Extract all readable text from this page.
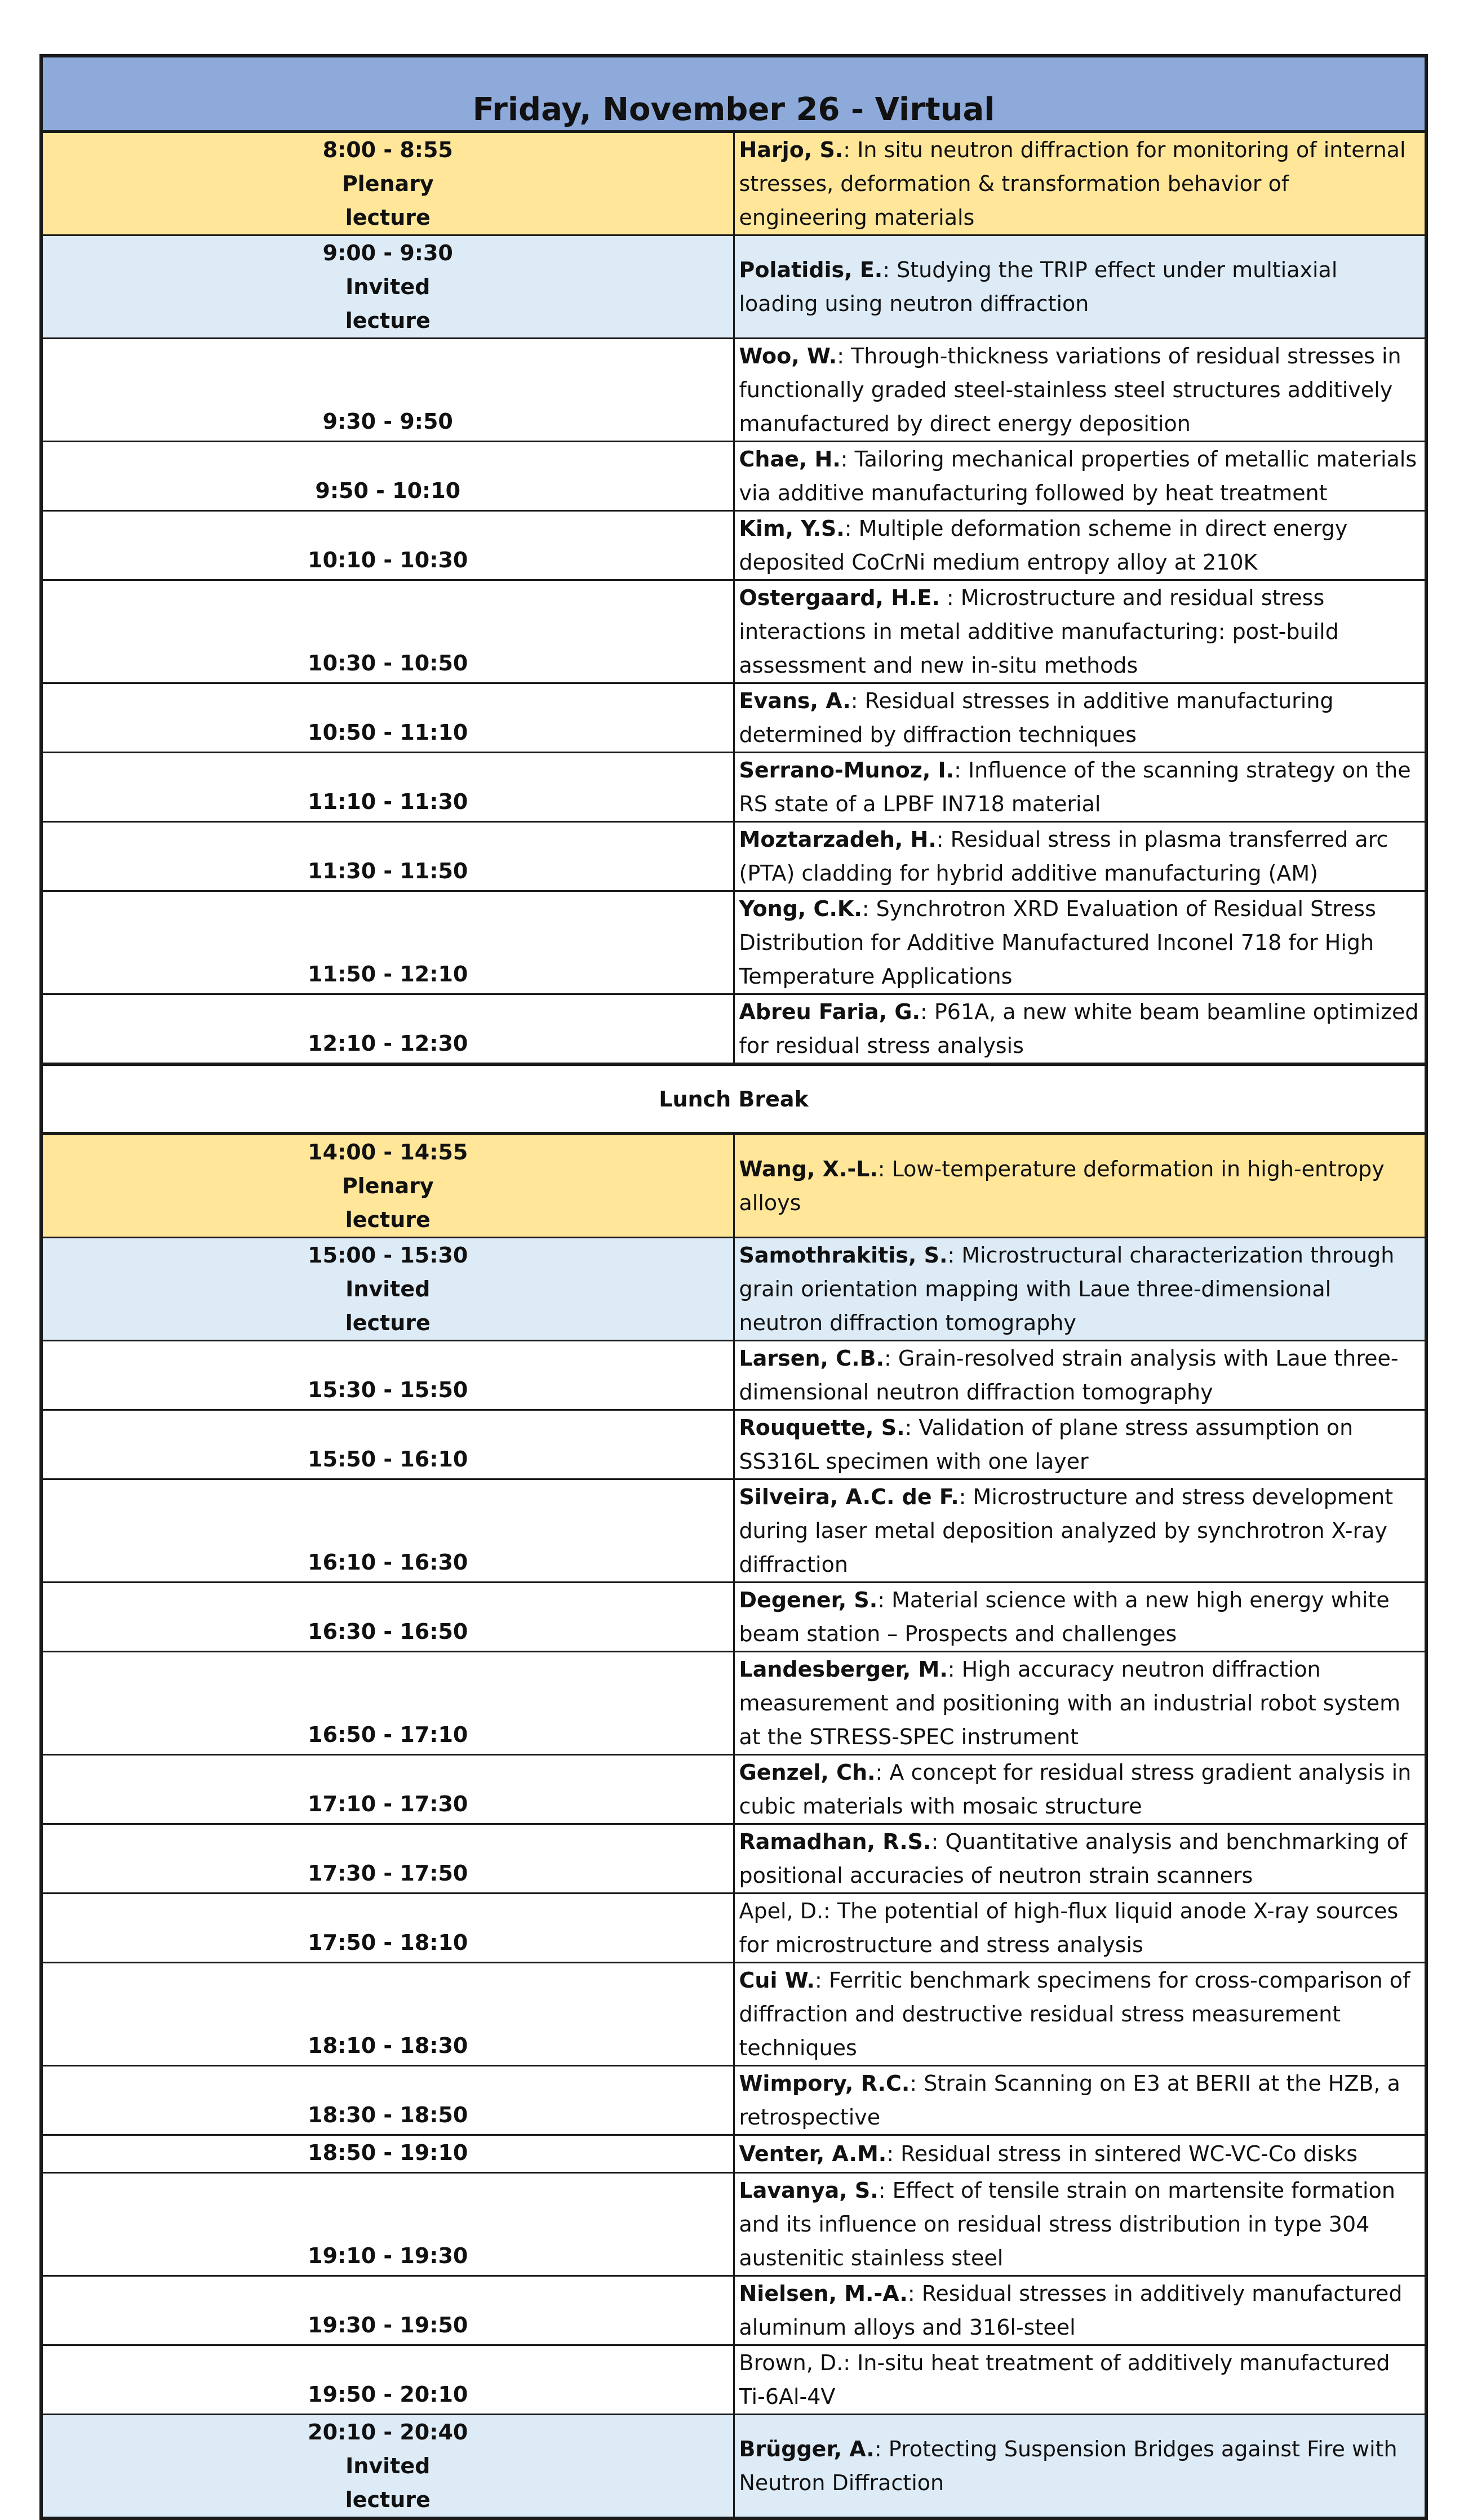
Friday, November 26 - Virtual	

8:00 - 8:55
Plenary
lecture	Harjo, S.: In situ neutron diffraction for monitoring of internal stresses, deformation & transformation behavior of engineering materials

9:00 - 9:30
Invited
lecture	Polatidis, E.: Studying the TRIP effect under multiaxial loading using neutron diffraction

9:30 - 9:50	Woo, W.: Through-thickness variations of residual stresses in functionally graded steel-stainless steel structures additively manufactured by direct energy deposition

9:50 - 10:10	Chae, H.: Tailoring mechanical properties of metallic materials via additive manufacturing followed by heat treatment

10:10 - 10:30	Kim, Y.S.: Multiple deformation scheme in direct energy deposited CoCrNi medium entropy alloy at 210K

10:30 - 10:50	Ostergaard, H.E. : Microstructure and residual stress interactions in metal additive manufacturing: post-build assessment and new in-situ methods

10:50 - 11:10	Evans, A.: Residual stresses in additive manufacturing determined by diffraction techniques

11:10 - 11:30	Serrano-Munoz, I.: Influence of the scanning strategy on the RS state of a LPBF IN718 material

11:30 - 11:50	Moztarzadeh, H.: Residual stress in plasma transferred arc (PTA) cladding for hybrid additive manufacturing (AM)

11:50 - 12:10	Yong, C.K.: Synchrotron XRD Evaluation of Residual Stress Distribution for Additive Manufactured Inconel 718 for High Temperature Applications

12:10 - 12:30	Abreu Faria, G.: P61A, a new white beam beamline optimized for residual stress analysis
Lunch Break	

14:00 - 14:55
Plenary
lecture	Wang, X.-L.: Low-temperature deformation in high-entropy alloys

15:00 - 15:30
Invited
lecture	Samothrakitis, S.: Microstructural characterization through grain orientation mapping with Laue three-dimensional neutron diffraction tomography

15:30 - 15:50	Larsen, C.B.: Grain-resolved strain analysis with Laue three-dimensional neutron diffraction tomography

15:50 - 16:10	Rouquette, S.: Validation of plane stress assumption on SS316L specimen with one layer

16:10 - 16:30	Silveira, A.C. de F.: Microstructure and stress development during laser metal deposition analyzed by synchrotron X-ray diffraction

16:30 - 16:50	Degener, S.: Material science with a new high energy white beam station – Prospects and challenges

16:50 - 17:10	Landesberger, M.: High accuracy neutron diffraction measurement and positioning with an industrial robot system at the STRESS-SPEC instrument

17:10 - 17:30	Genzel, Ch.: A concept for residual stress gradient analysis in cubic materials with mosaic structure

17:30 - 17:50	Ramadhan, R.S.: Quantitative analysis and benchmarking of positional accuracies of neutron strain scanners

17:50 - 18:10	Apel, D.: The potential of high-flux liquid anode X-ray sources for microstructure and stress analysis

18:10 - 18:30	Cui W.: Ferritic benchmark specimens for cross-comparison of diffraction and destructive residual stress measurement techniques

18:30 - 18:50	Wimpory, R.C.: Strain Scanning on E3 at BERII at the HZB, a retrospective

18:50 - 19:10	Venter, A.M.: Residual stress in sintered WC-VC-Co disks

19:10 - 19:30	Lavanya, S.: Effect of tensile strain on martensite formation and its influence on residual stress distribution in type 304 austenitic stainless steel

19:30 - 19:50	Nielsen, M.-A.: Residual stresses in additively manufactured aluminum alloys and 316l-steel

19:50 - 20:10	Brown, D.: In-situ heat treatment of additively manufactured Ti-6Al-4V

20:10 - 20:40
Invited
lecture	Brügger, A.: Protecting Suspension Bridges against Fire with Neutron Diffraction
